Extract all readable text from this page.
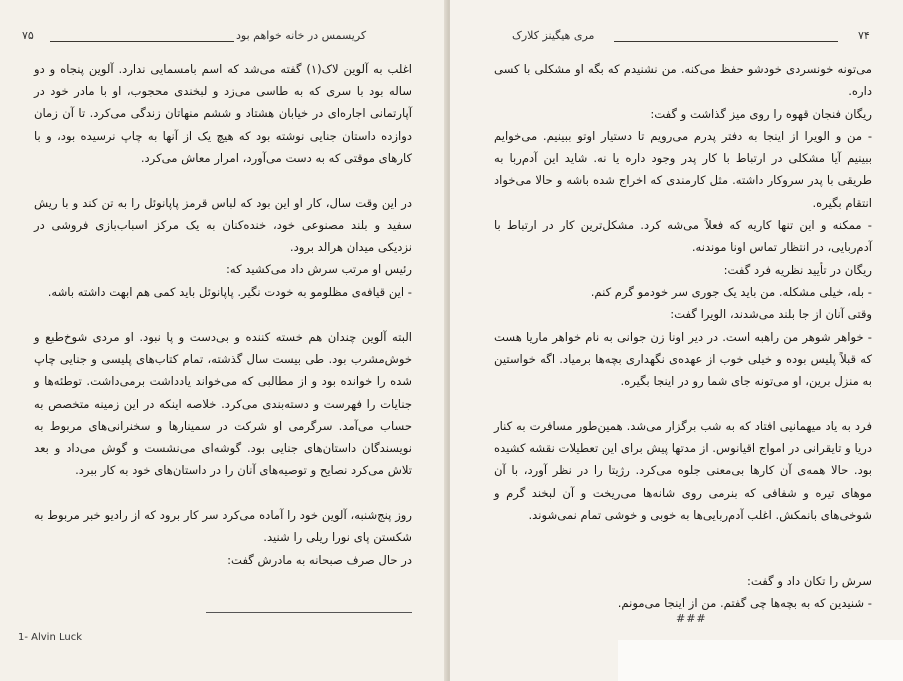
۷۵	کریسمس در خانه خواهم بود

اغلب به آلوین لاک(۱) گفته می‌شد که اسم بامسمایی ندارد. آلوین پنجاه و دو ساله بود با سری که به طاسی می‌زد و لبخندی محجوب، او با مادر خود در آپارتمانی اجاره‌ای در خیابان هشتاد و ششم منهاتان زندگی می‌کرد. تا آن زمان دوازده داستان جنایی نوشته بود که هیچ یک از آنها به چاپ نرسیده بود، و با کارهای موقتی که به دست می‌آورد، امرار معاش می‌کرد.

در این وقت سال، کار او این بود که لباس قرمز پاپانوئل را به تن کند و با ریش سفید و بلند مصنوعی خود، خنده‌کنان به یک مرکز اسباب‌بازی فروشی در نزدیکی میدان هرالد برود.

رئیس او مرتب سرش داد می‌کشید که:

- این قیافه‌ی مظلومو به خودت نگیر. پاپانوئل باید کمی هم ابهت داشته باشه.

البته آلوین چندان هم خسته کننده و بی‌دست و پا نبود. او مردی شوخ‌طبع و خوش‌مشرب بود. طی بیست سال گذشته، تمام کتاب‌های پلیسی و جنایی چاپ شده را خوانده بود و از مطالبی که می‌خواند یادداشت برمی‌داشت. توطئه‌ها و جنایات را فهرست و دسته‌بندی می‌کرد. خلاصه اینکه در این زمینه متخصص به حساب می‌آمد. سرگرمی او شرکت در سمینارها و سخنرانی‌های مربوط به نویسندگان داستان‌های جنایی بود. گوشه‌ای می‌نشست و گوش می‌داد و بعد تلاش می‌کرد نصایح و توصیه‌های آنان را در داستان‌های خود به کار ببرد.

روز پنج‌شنبه، آلوین خود را آماده می‌کرد سر کار برود که از رادیو خبر مربوط به شکستن پای نورا ریلی را شنید.

در حال صرف صبحانه به مادرش گفت:

1- Alvin Luck
مری هیگینز کلارک	۷۴

می‌تونه خونسردی خودشو حفظ می‌کنه. من نشنیدم که بگه او مشکلی با کسی داره.

ریگان فنجان قهوه را روی میز گذاشت و گفت:

- من و الویرا از اینجا به دفتر پدرم می‌رویم تا دستیار اوتو ببینیم. می‌خوایم ببینیم آیا مشکلی در ارتباط با کار پدر وجود داره یا نه. شاید این آدم‌ربا به طریقی با پدر سروکار داشته. مثل کارمندی که اخراج شده باشه و حالا می‌خواد انتقام بگیره.

- ممکنه و این تنها کاریه که فعلاً می‌شه کرد. مشکل‌ترین کار در ارتباط با آدم‌ربایی، در انتظار تماس اونا موندنه.

ریگان در تأیید نظریه فرد گفت:

- بله، خیلی مشکله. من باید یک جوری سر خودمو گرم کنم.

وقتی آنان از جا بلند می‌شدند، الویرا گفت:

- خواهر شوهر من راهبه است. در دیر اونا زن جوانی به نام خواهر ماریا هست که قبلاً پلیس بوده و خیلی خوب از عهده‌ی نگهداری بچه‌ها برمیاد. اگه خواستین به منزل برین، او می‌تونه جای شما رو در اینجا بگیره.

فرد به یاد میهمانیی افتاد که به شب برگزار می‌شد. همین‌طور مسافرت به کنار دریا و تایقرانی در امواج اقیانوس. از مدتها پیش برای این تعطیلات نقشه کشیده بود. حالا همه‌ی آن کارها بی‌معنی جلوه می‌کرد. رژیتا را در نظر آورد، با آن موهای تیره و شفافی که بنرمی روی شانه‌ها می‌ریخت و آن لبخند گرم و شوخی‌های بانمکش. اغلب آدم‌ربایی‌ها به خوبی و خوشی تمام نمی‌شوند.

سرش را تکان داد و گفت:

- شنیدین که به بچه‌ها چی گفتم. من از اینجا می‌مونم.

###
